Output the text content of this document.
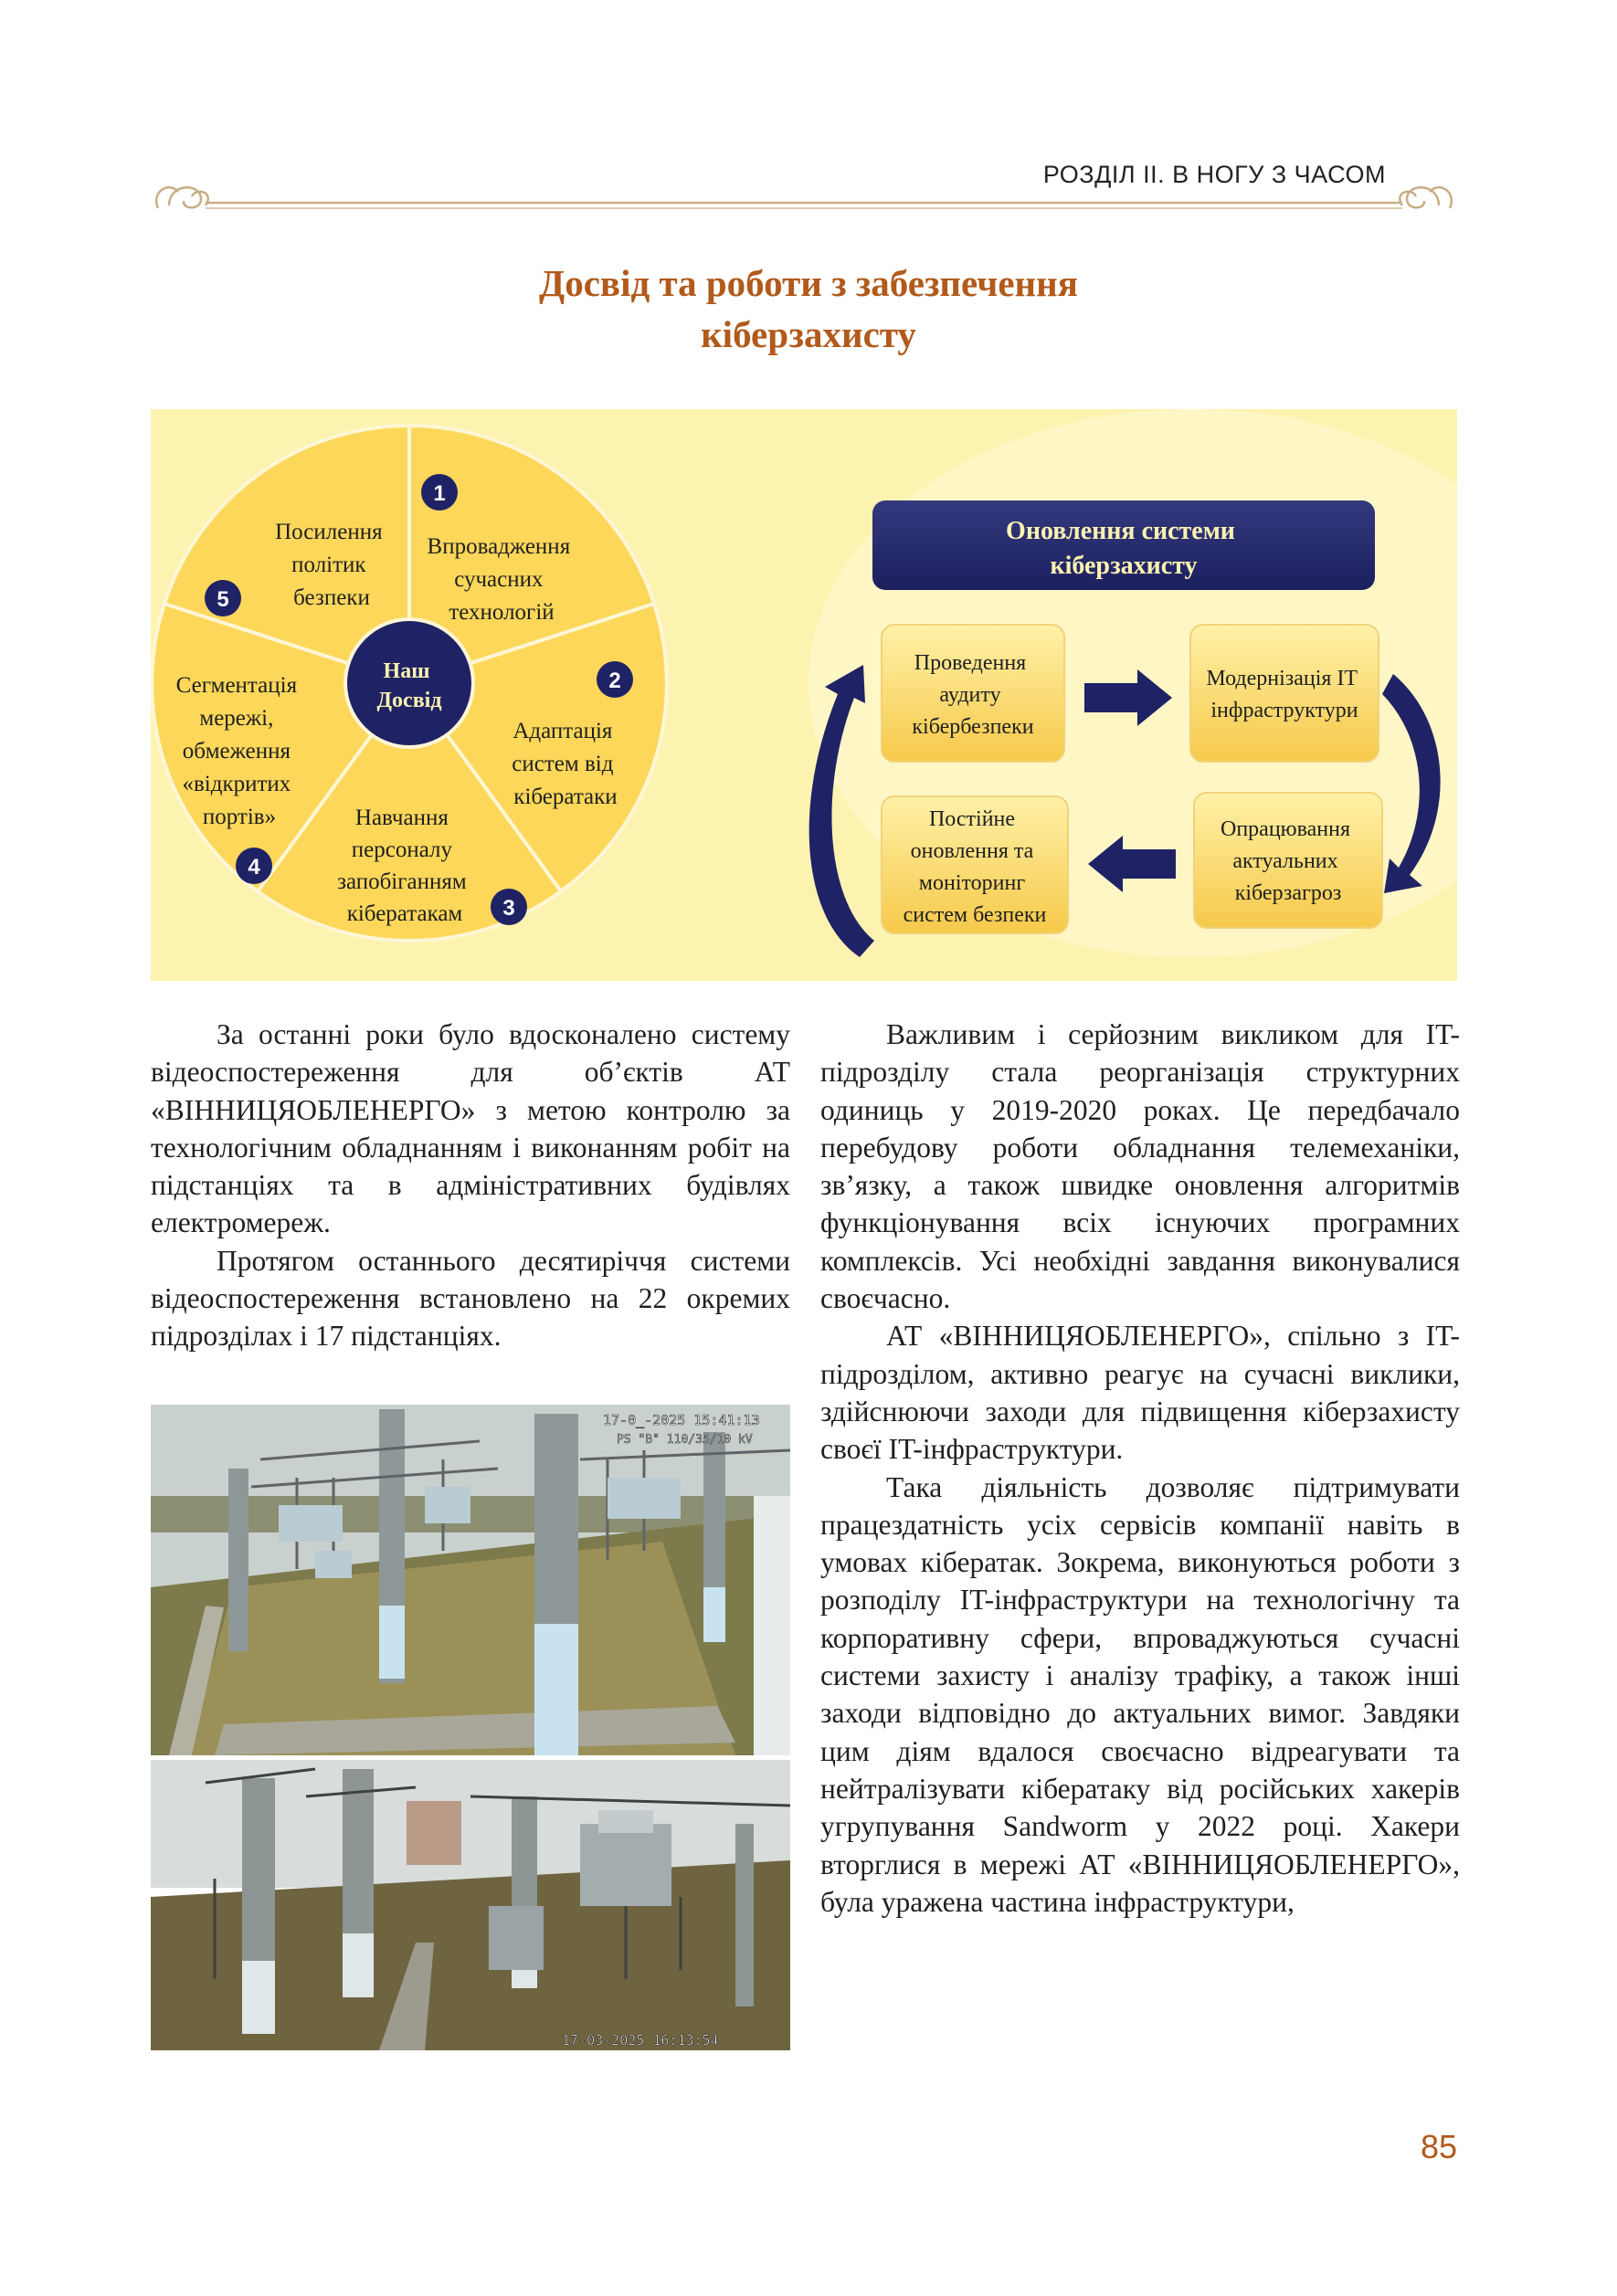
РОЗДІЛ ІІ. В НОГУ З ЧАСОМ
Досвід та роботи з забезпечення
кіберзахисту
Наш Досвід
Впровадження сучасних технологій
Адаптація систем від кібератаки
Навчання персоналу запобіганням кібератакам
Сегментація мережі, обмеження «відкритих портів»
Посилення політик безпеки
1
2
3
4
5
Оновлення системи кіберзахисту
Проведення аудиту кібербезпеки
Модернізація IT інфраструктури
Опрацювання актуальних кіберзагроз
Постійне оновлення та моніторинг систем безпеки

За останні роки було вдосконалено систему відеоспостереження для об’єктів АТ «ВІННИЦЯОБЛЕНЕРГО» з метою контролю за технологічним обладнанням і виконанням робіт на підстанціях та в адміністративних будівлях електромереж.

Протягом останнього десятиріччя системи відеоспостереження встановлено на 22 окремих підрозділах і 17 підстанціях.

17-0_-2025 15:41:13
PS "B" 110/35/10 kV
17-03-2025 16:13:54

Важливим і серйозним викликом для IT-підрозділу стала реорганізація структурних одиниць у 2019-2020 роках. Це передбачало перебудову роботи обладнання телемеханіки, зв’язку, а також швидке оновлення алгоритмів функціонування всіх існуючих програмних комплексів. Усі необхідні завдання виконувалися своєчасно.

АТ «ВІННИЦЯОБЛЕНЕРГО», спільно з IT-підрозділом, активно реагує на сучасні виклики, здійснюючи заходи для підвищення кіберзахисту своєї IT-інфраструктури.

Така діяльність дозволяє підтримувати працездатність усіх сервісів компанії навіть в умовах кібератак. Зокрема, виконуються роботи з розподілу IT-інфраструктури на технологічну та корпоративну сфери, впроваджуються сучасні системи захисту і аналізу трафіку, а також інші заходи відповідно до актуальних вимог. Завдяки цим діям вдалося своєчасно відреагувати та нейтралізувати кібератаку від російських хакерів угрупування Sandworm у 2022 році. Хакери вторглися в мережі АТ «ВІННИЦЯОБЛЕНЕРГО», була уражена частина інфраструктури,

85
